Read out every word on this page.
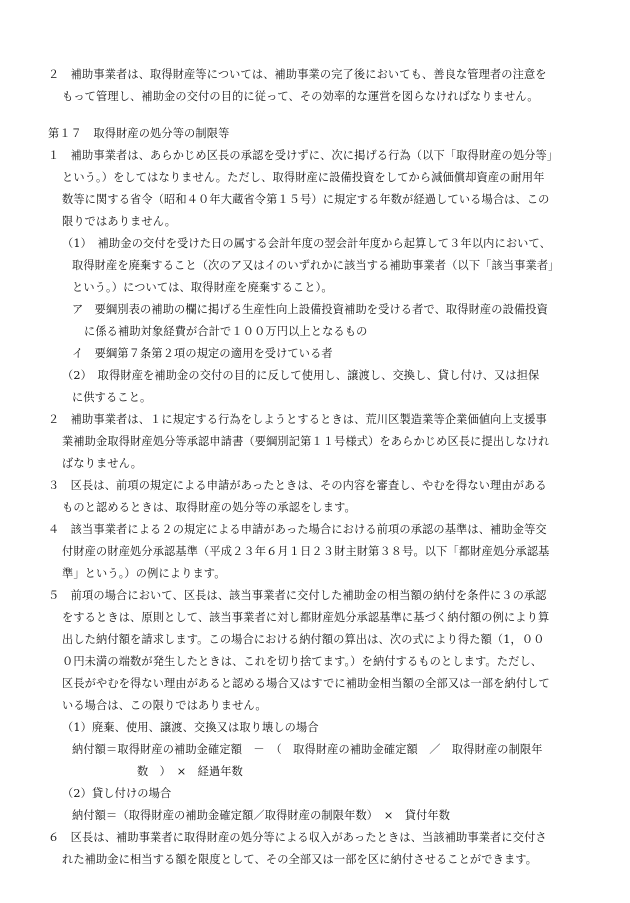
２　補助事業者は、取得財産等については、補助事業の完了後においても、善良な管理者の注意を
もって管理し、補助金の交付の目的に従って、その効率的な運営を図らなければなりません。
第１７　取得財産の処分等の制限等
１　補助事業者は、あらかじめ区長の承認を受けずに、次に掲げる行為（以下「取得財産の処分等」
という。）をしてはなりません。ただし、取得財産に設備投資をしてから減価償却資産の耐用年
数等に関する省令（昭和４０年大蔵省令第１５号）に規定する年数が経過している場合は、この
限りではありません。
（1）　補助金の交付を受けた日の属する会計年度の翌会計年度から起算して３年以内において、
取得財産を廃棄すること（次のア又はイのいずれかに該当する補助事業者（以下「該当事業者」
という。）については、取得財産を廃棄すること）。
ア　要綱別表の補助の欄に掲げる生産性向上設備投資補助を受ける者で、取得財産の設備投資
に係る補助対象経費が合計で１００万円以上となるもの
イ　要綱第７条第２項の規定の適用を受けている者
（2）　取得財産を補助金の交付の目的に反して使用し、譲渡し、交換し、貸し付け、又は担保
に供すること。
２　補助事業者は、１に規定する行為をしようとするときは、荒川区製造業等企業価値向上支援事
業補助金取得財産処分等承認申請書（要綱別記第１１号様式）をあらかじめ区長に提出しなけれ
ばなりません。
３　区長は、前項の規定による申請があったときは、その内容を審査し、やむを得ない理由がある
ものと認めるときは、取得財産の処分等の承認をします。
４　該当事業者による２の規定による申請があった場合における前項の承認の基準は、補助金等交
付財産の財産処分承認基準（平成２３年６月１日２３財主財第３８号。以下「都財産処分承認基
準」という。）の例によります。
５　前項の場合において、区長は、該当事業者に交付した補助金の相当額の納付を条件に３の承認
をするときは、原則として、該当事業者に対し都財産処分承認基準に基づく納付額の例により算
出した納付額を請求します。この場合における納付額の算出は、次の式により得た額（1，００
０円未満の端数が発生したときは、これを切り捨てます。）を納付するものとします。ただし、
区長がやむを得ない理由があると認める場合又はすでに補助金相当額の全部又は一部を納付して
いる場合は、この限りではありません。
（1）廃棄、使用、譲渡、交換又は取り壊しの場合
納付額＝取得財産の補助金確定額　－　（　取得財産の補助金確定額　／　取得財産の制限年
数　）　×　経過年数
（2）貸し付けの場合
納付額＝（取得財産の補助金確定額／取得財産の制限年数）　×　貸付年数
６　区長は、補助事業者に取得財産の処分等による収入があったときは、当該補助事業者に交付さ
れた補助金に相当する額を限度として、その全部又は一部を区に納付させることができます。
